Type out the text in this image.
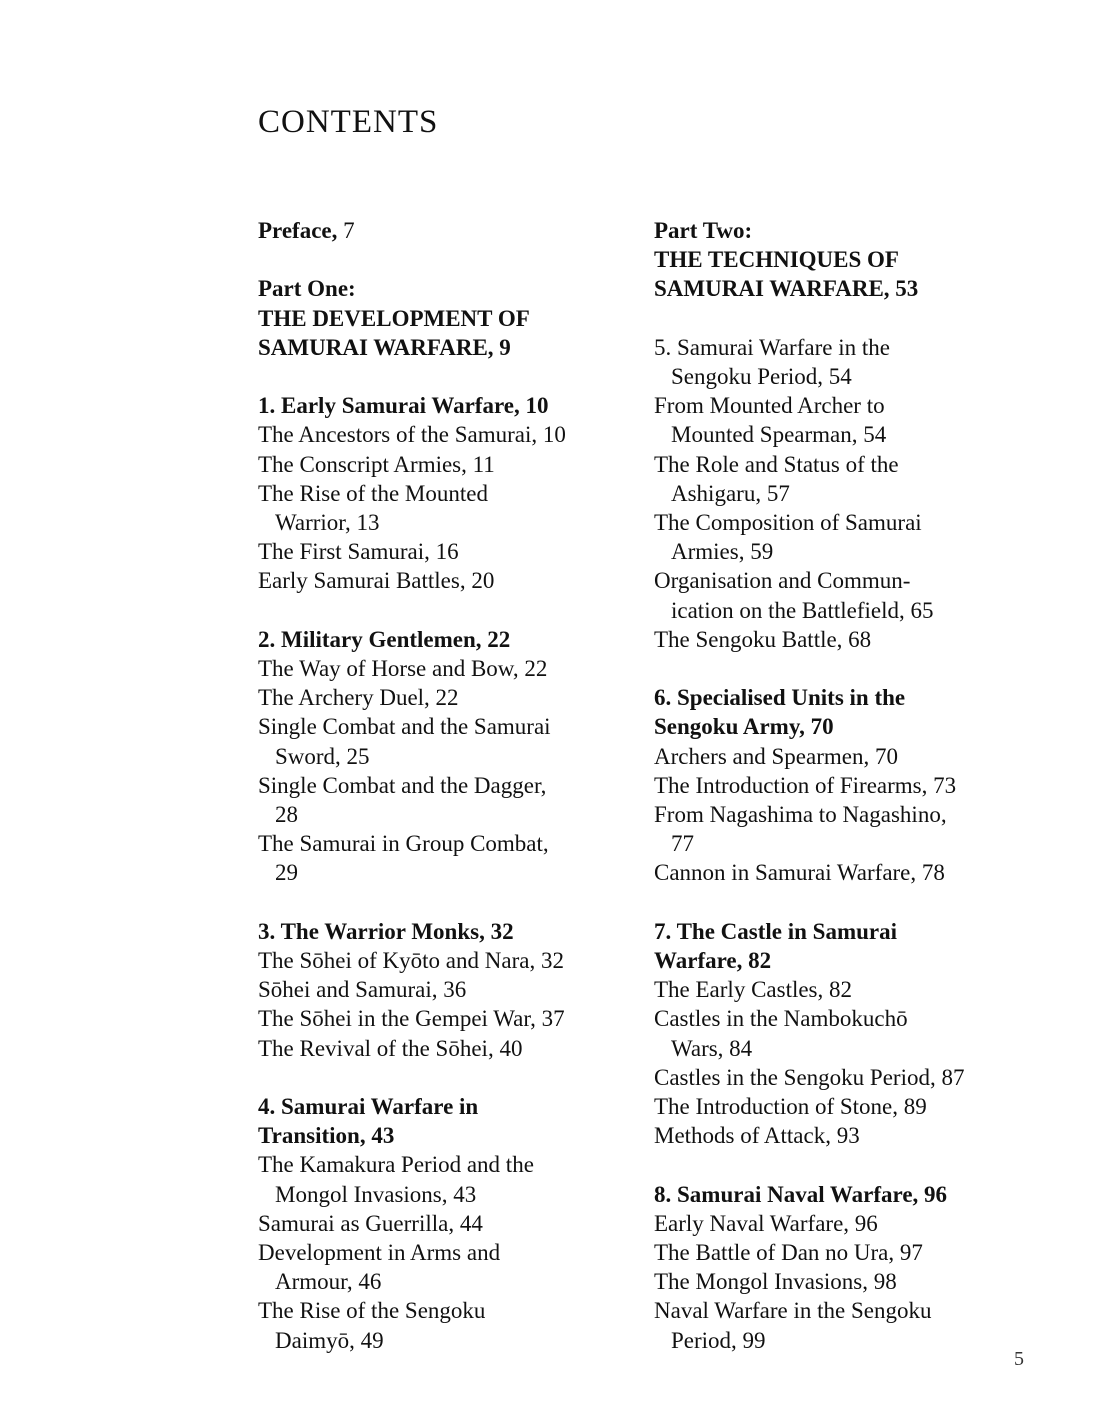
CONTENTS

Preface, 7

Part One:

THE DEVELOPMENT OF

SAMURAI WARFARE, 9

1. Early Samurai Warfare, 10

The Ancestors of the Samurai, 10

The Conscript Armies, 11

The Rise of the Mounted

Warrior, 13

The First Samurai, 16

Early Samurai Battles, 20

2. Military Gentlemen, 22

The Way of Horse and Bow, 22

The Archery Duel, 22

Single Combat and the Samurai

Sword, 25

Single Combat and the Dagger,

28

The Samurai in Group Combat,

29

3. The Warrior Monks, 32

The Sōhei of Kyōto and Nara, 32

Sōhei and Samurai, 36

The Sōhei in the Gempei War, 37

The Revival of the Sōhei, 40

4. Samurai Warfare in

Transition, 43

The Kamakura Period and the

Mongol Invasions, 43

Samurai as Guerrilla, 44

Development in Arms and

Armour, 46

The Rise of the Sengoku

Daimyō, 49

Part Two:

THE TECHNIQUES OF

SAMURAI WARFARE, 53

5. Samurai Warfare in the

Sengoku Period, 54

From Mounted Archer to

Mounted Spearman, 54

The Role and Status of the

Ashigaru, 57

The Composition of Samurai

Armies, 59

Organisation and Commun-

ication on the Battlefield, 65

The Sengoku Battle, 68

6. Specialised Units in the

Sengoku Army, 70

Archers and Spearmen, 70

The Introduction of Firearms, 73

From Nagashima to Nagashino,

77

Cannon in Samurai Warfare, 78

7. The Castle in Samurai

Warfare, 82

The Early Castles, 82

Castles in the Nambokuchō

Wars, 84

Castles in the Sengoku Period, 87

The Introduction of Stone, 89

Methods of Attack, 93

8. Samurai Naval Warfare, 96

Early Naval Warfare, 96

The Battle of Dan no Ura, 97

The Mongol Invasions, 98

Naval Warfare in the Sengoku

Period, 99

5
